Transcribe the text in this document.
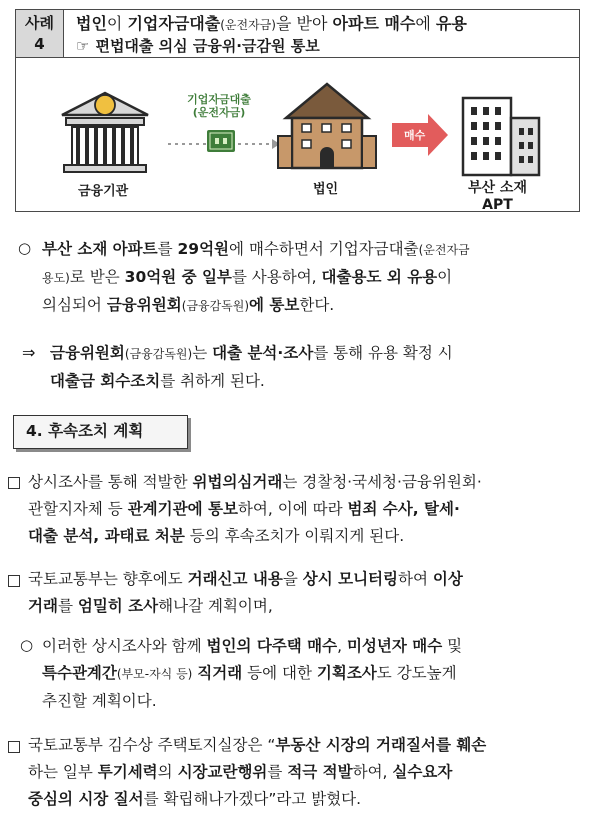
사례
4
법인이 기업자금대출(운전자금)을 받아 아파트 매수에 유용
☞ 편법대출 의심 금융위·금감원 통보
기업자금대출
(운전자금)
금융기관	법인
매수
부산 소재
APT
○ 부산 소재 아파트를 29억원에 매수하면서 기업자금대출(운전자금
용도)로 받은 30억원 중 일부를 사용하여, 대출용도 외 유용이
의심되어 금융위원회(금융감독원)에 통보한다.
⇒ 금융위원회(금융감독원)는 대출 분석·조사를 통해 유용 확정 시
대출금 회수조치를 취하게 된다.
4. 후속조치 계획
상시조사를 통해 적발한 위법의심거래는 경찰청·국세청·금융위원회·
관할지자체 등 관계기관에 통보하여, 이에 따라 범죄 수사, 탈세·
대출 분석, 과태료 처분 등의 후속조치가 이뤄지게 된다.
국토교통부는 향후에도 거래신고 내용을 상시 모니터링하여 이상
거래를 엄밀히 조사해나갈 계획이며,
○ 이러한 상시조사와 함께 법인의 다주택 매수, 미성년자 매수 및
특수관계간(부모-자식 등) 직거래 등에 대한 기획조사도 강도높게
추진할 계획이다.
국토교통부 김수상 주택토지실장은 “부동산 시장의 거래질서를 훼손
하는 일부 투기세력의 시장교란행위를 적극 적발하여, 실수요자
중심의 시장 질서를 확립해나가겠다”라고 밝혔다.
